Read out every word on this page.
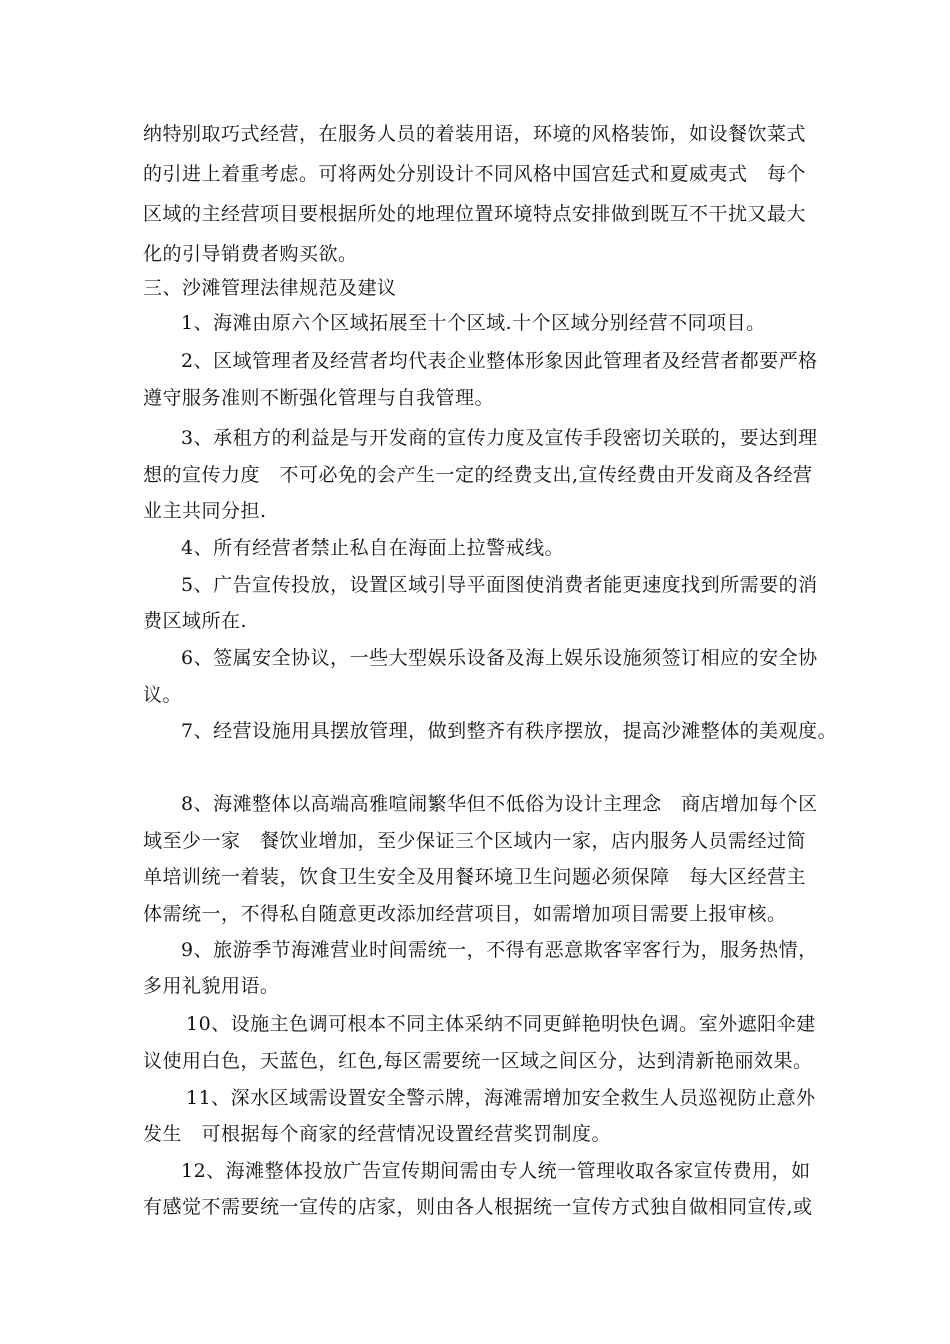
纳特别取巧式经营，在服务人员的着装用语，环境的风格装饰，如设餐饮菜式
的引进上着重考虑。可将两处分别设计不同风格中国宫廷式和夏威夷式　每个
区域的主经营项目要根据所处的地理位置环境特点安排做到既互不干扰又最大
化的引导销费者购买欲。
三、沙滩管理法律规范及建议
1、海滩由原六个区域拓展至十个区域.十个区域分别经营不同项目。
2、区域管理者及经营者均代表企业整体形象因此管理者及经营者都要严格
遵守服务准则不断强化管理与自我管理。
3、承租方的利益是与开发商的宣传力度及宣传手段密切关联的，要达到理
想的宣传力度　不可必免的会产生一定的经费支出,宣传经费由开发商及各经营
业主共同分担.
4、所有经营者禁止私自在海面上拉警戒线。
5、广告宣传投放，设置区域引导平面图使消费者能更速度找到所需要的消
费区域所在.
6、签属安全协议，一些大型娱乐设备及海上娱乐设施须签订相应的安全协
议。
7、经营设施用具摆放管理，做到整齐有秩序摆放，提高沙滩整体的美观度。
8、海滩整体以高端高雅喧闹繁华但不低俗为设计主理念　商店增加每个区
域至少一家　餐饮业增加，至少保证三个区域内一家，店内服务人员需经过简
单培训统一着装，饮食卫生安全及用餐环境卫生问题必须保障　每大区经营主
体需统一，不得私自随意更改添加经营项目，如需增加项目需要上报审核。
9、旅游季节海滩营业时间需统一，不得有恶意欺客宰客行为，服务热情，
多用礼貌用语。
10、设施主色调可根本不同主体采纳不同更鲜艳明快色调。室外遮阳伞建
议使用白色，天蓝色，红色,每区需要统一区域之间区分，达到清新艳丽效果。
11、深水区域需设置安全警示牌，海滩需增加安全救生人员巡视防止意外
发生　可根据每个商家的经营情况设置经营奖罚制度。
12、海滩整体投放广告宣传期间需由专人统一管理收取各家宣传费用，如
有感觉不需要统一宣传的店家，则由各人根据统一宣传方式独自做相同宣传,或
